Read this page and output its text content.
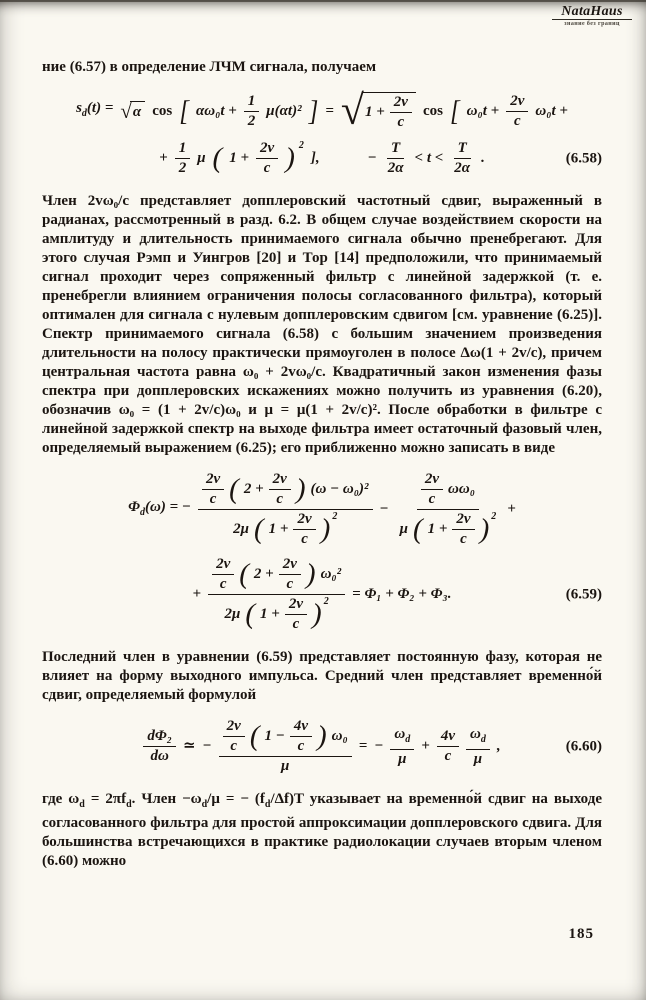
NataHaus
знание без границ

ние (6.57) в определение ЛЧМ сигнала, получаем

$s_d(t)$ = √ α cos [ $\alpha\omega_0t + \frac{1}{2} \mu(\alpha t)^2$ ] = √ $1 + \frac{2v}{c}$ cos [ $\omega_0t + \frac{2v}{c} \omega_0t$ +
+ $\frac{1}{2}$ μ ( $1 + \frac{2v}{c}$ ) 2
],	− $\frac{T}{2\alpha} < t < \frac{T}{2\alpha}$ .	(6.58)

Член 2vω₀/c представляет допплеровский частотный сдвиг, выраженный в радианах, рассмотренный в разд. 6.2. В общем случае воздействием скорости на амплитуду и длительность принимаемого сигнала обычно пренебрегают. Для этого случая Рэмп и Уингров [20] и Тор [14] предположили, что принимаемый сигнал проходит через сопряженный фильтр с линейной задержкой (т. е. пренебрегли влиянием ограничения полосы согласованного фильтра), который оптимален для сигнала с нулевым допплеровским сдвигом [см. уравнение (6.25)]. Спектр принимаемого сигнала (6.58) с большим значением произведения длительности на полосу практически прямоуголен в полосе Δω(1 + 2v/c), причем центральная частота равна ω₀ + 2vω₀/c. Квадратичный закон изменения фазы спектра при допплеровских искажениях можно получить из уравнения (6.20), обозначив ω₀ = (1 + 2v/c)ω₀ и μ = μ(1 + 2v/c)². После обработки в фильтре с линейной задержкой спектр на выходе фильтра имеет остаточный фазовый член, определяемый выражением (6.25); его приближенно можно записать в виде

$\Phi_d(\omega)$ = − $\frac{2v}{c}$ ( $2 + \frac{2v}{c}$ ) (ω − ω₀)²
2μ ( $1 + \frac{2v}{c}$ ) 2	−
$\frac{2v}{c} \omega\omega_0$
μ ( $1 + \frac{2v}{c}$ ) 2 +
+
$\frac{2v}{c}$ ( $2 + \frac{2v}{c}$ ) ω₀²
2μ ( $1 + \frac{2v}{c}$ ) 2 = Φ₁ + Φ₂ + Φ₃.	(6.59)

Последний член в уравнении (6.59) представляет постоянную фазу, которая не влияет на форму выходного импульса. Средний член представляет временно́й сдвиг, определяемый формулой

$\frac{\text{dΦ₂}}{d\omega}$ ≃ − $\frac{2v}{c}$ ( $1 - \frac{4v}{c}$ ) ω₀
μ
= − $\frac{\omega_d}{\mu} + \frac{4v}{c} \frac{\omega_d}{\mu}$ ,	(6.60)

где $\omega_d = 2\pi f_d$. Член $-\omega_d/\mu$ = − $(f_d/\Delta f)T$ указывает на временно́й сдвиг на выходе согласованного фильтра для простой аппроксимации допплеровского сдвига. Для большинства встречающихся в практике радиолокации случаев вторым членом (6.60) можно

185
